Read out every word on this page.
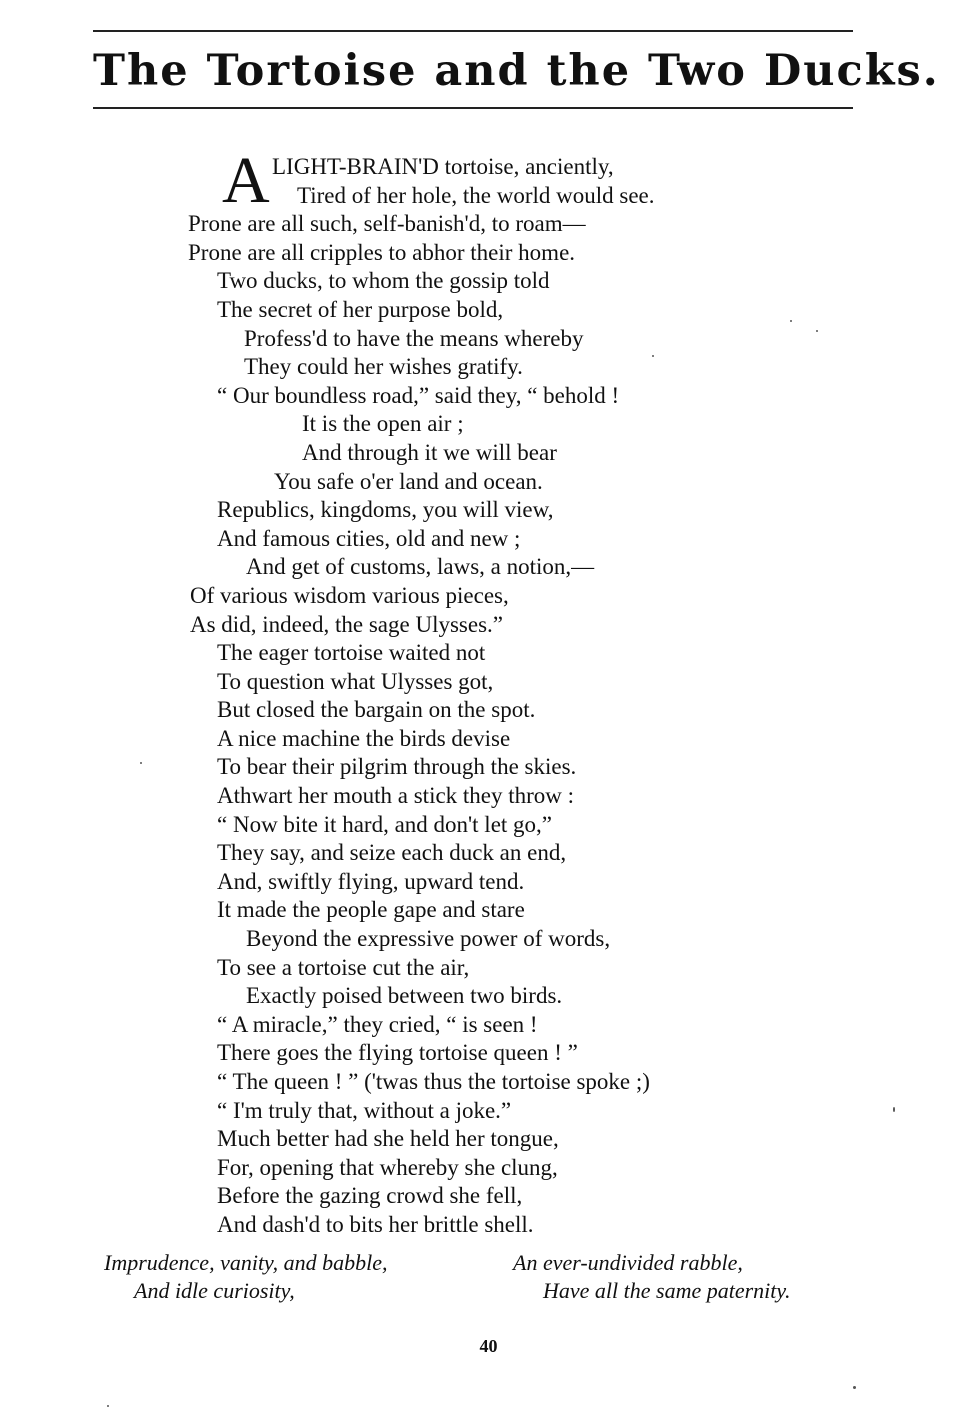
The Tortoise and the Two Ducks.
A LIGHT-BRAIN'D tortoise, anciently,
Tired of her hole, the world would see.
Prone are all such, self-banish'd, to roam—
Prone are all cripples to abhor their home.
Two ducks, to whom the gossip told
The secret of her purpose bold,
Profess'd to have the means whereby
They could her wishes gratify.
“ Our boundless road,” said they, “ behold !
It is the open air ;
And through it we will bear
You safe o'er land and ocean.
Republics, kingdoms, you will view,
And famous cities, old and new ;
And get of customs, laws, a notion,—
Of various wisdom various pieces,
As did, indeed, the sage Ulysses.”
The eager tortoise waited not
To question what Ulysses got,
But closed the bargain on the spot.
A nice machine the birds devise
To bear their pilgrim through the skies.
Athwart her mouth a stick they throw :
“ Now bite it hard, and don't let go,”
They say, and seize each duck an end,
And, swiftly flying, upward tend.
It made the people gape and stare
Beyond the expressive power of words,
To see a tortoise cut the air,
Exactly poised between two birds.
“ A miracle,” they cried, “ is seen !
There goes the flying tortoise queen ! ”
“ The queen ! ” ('twas thus the tortoise spoke ;)
“ I'm truly that, without a joke.”
Much better had she held her tongue,
For, opening that whereby she clung,
Before the gazing crowd she fell,
And dash'd to bits her brittle shell.
Imprudence, vanity, and babble,
And idle curiosity,
An ever-undivided rabble,
Have all the same paternity.
40
